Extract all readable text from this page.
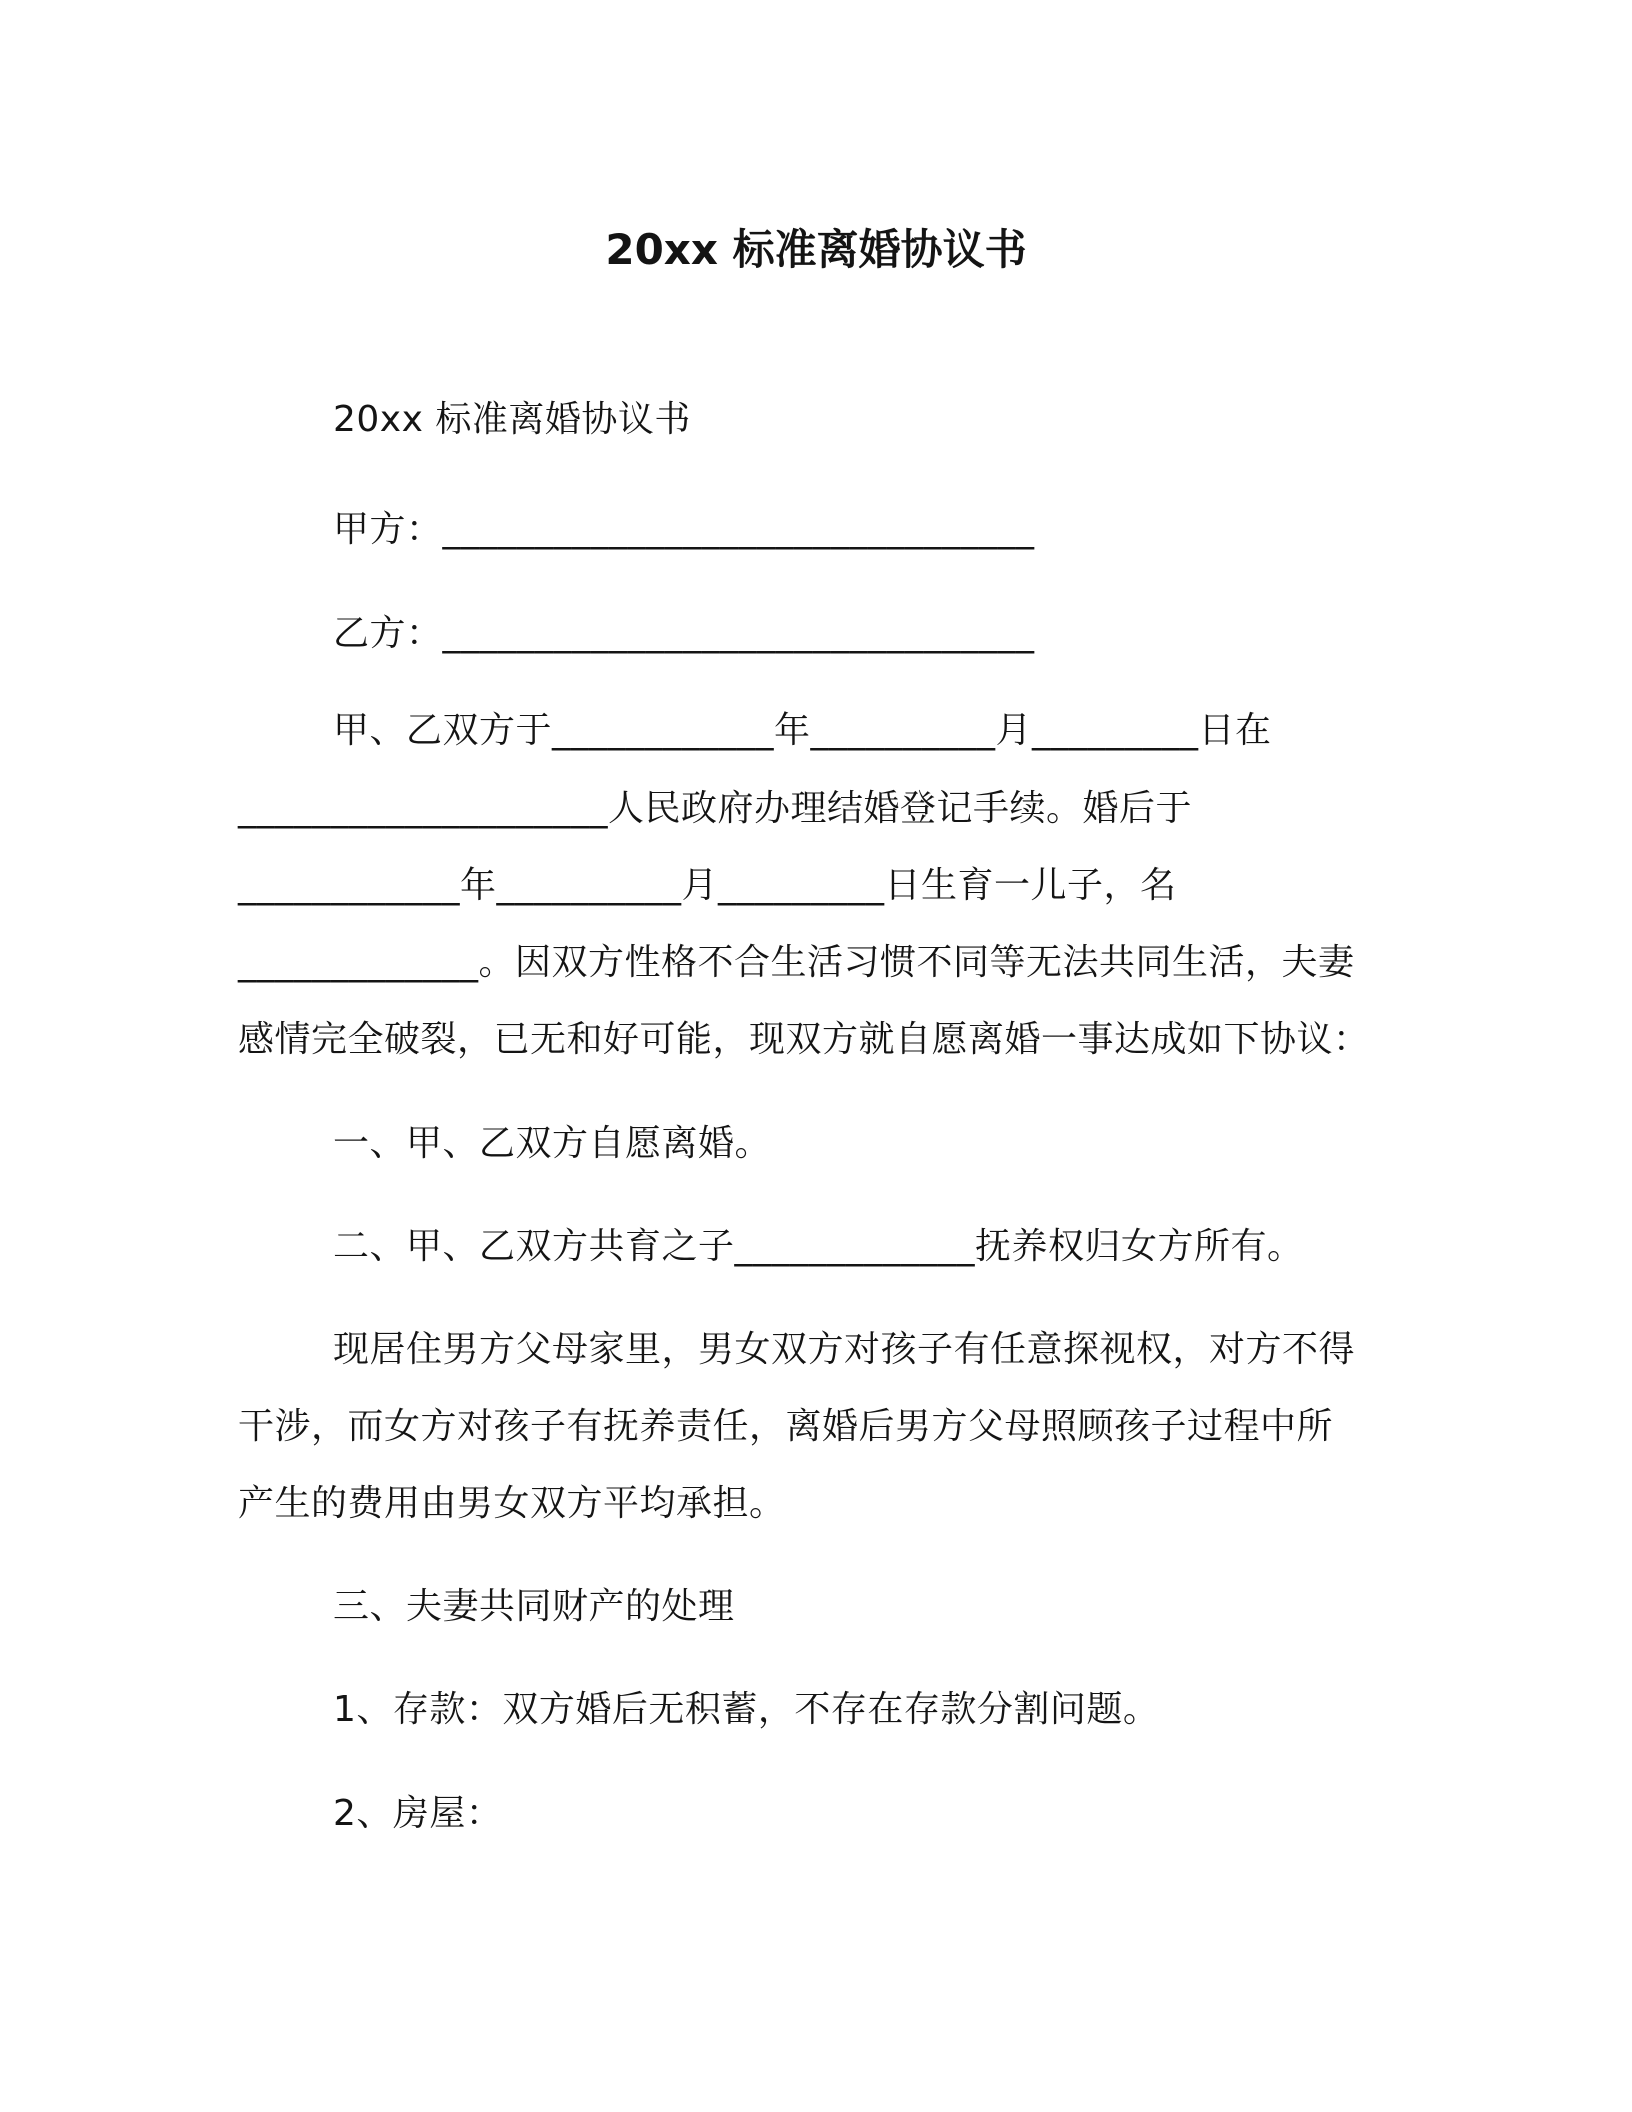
20xx 标准离婚协议书

20xx 标准离婚协议书

甲方：________________________________

乙方：________________________________

甲、乙双方于____________年__________月_________日在

____________________人民政府办理结婚登记手续。婚后于

____________年__________月_________日生育一儿子，名

_____________。因双方性格不合生活习惯不同等无法共同生活，夫妻

感情完全破裂，已无和好可能，现双方就自愿离婚一事达成如下协议：

一、甲、乙双方自愿离婚。

二、甲、乙双方共育之子_____________抚养权归女方所有。

现居住男方父母家里，男女双方对孩子有任意探视权，对方不得

干涉，而女方对孩子有抚养责任，离婚后男方父母照顾孩子过程中所

产生的费用由男女双方平均承担。

三、夫妻共同财产的处理

1、存款：双方婚后无积蓄，不存在存款分割问题。

2、房屋：
